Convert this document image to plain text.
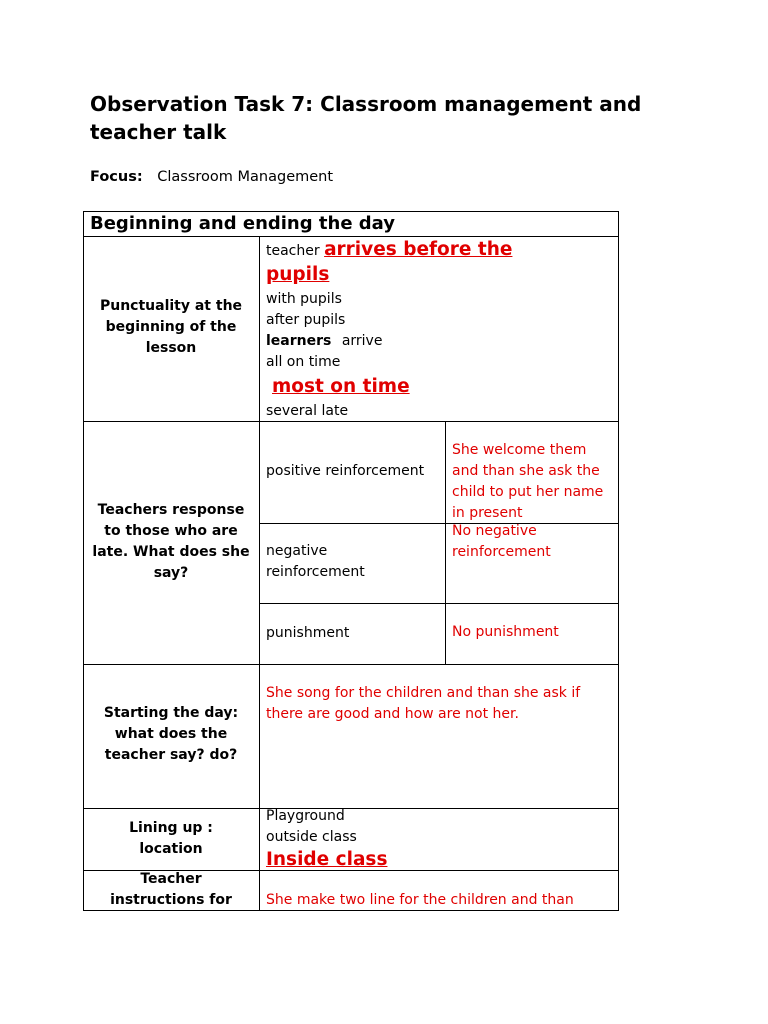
Observation Task 7: Classroom management and teacher talk
Focus: Classroom Management
Beginning and ending the day
Punctuality at the beginning of the lesson
teacher arrives before the
pupils
with pupils
after pupils
learners arrive
all on time
most on time
several late
Teachers response to those who are late. What does she say?
positive reinforcement
She welcome them and than she ask the child to put her name in present
negative reinforcement
No negative reinforcement
punishment	No punishment
Starting the day: what does the teacher say? do?
She song for the children and than she ask if there are good and how are not her.
Lining up : location
Playground
outside class
Inside class
Teacher instructions for	She make two line for the children and than
